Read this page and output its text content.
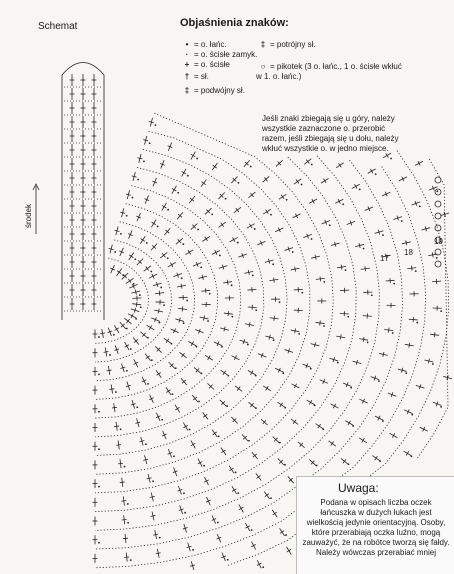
Schemat	Objaśnienia znaków:
• = o. łańc.
· = o. ścisłe zamyk.
+ = o. ścisłe
† = sł.
‡ = podwójny sł.
‡ = potrójny sł.
○ = pikotek (3 o. łańc., 1 o. ścisłe wkłuć w 1. o. łańc.)
Jeśli znaki zbiegają się u góry, należy wszystkie zaznaczone o. przerobić razem, jeśli zbiegają się u dołu, należy wkłuć wszystkie o. w jedno miejsce.
środek
19
18
17
Uwaga:
Podana w opisach liczba oczek łańcuszka w dużych łukach jest wielkością jedynie orientacyjną. Osoby, które przerabiają oczka luźno, mogą zauważyć, że na robótce tworzą się fałdy. Należy wówczas przerabiać mniej
